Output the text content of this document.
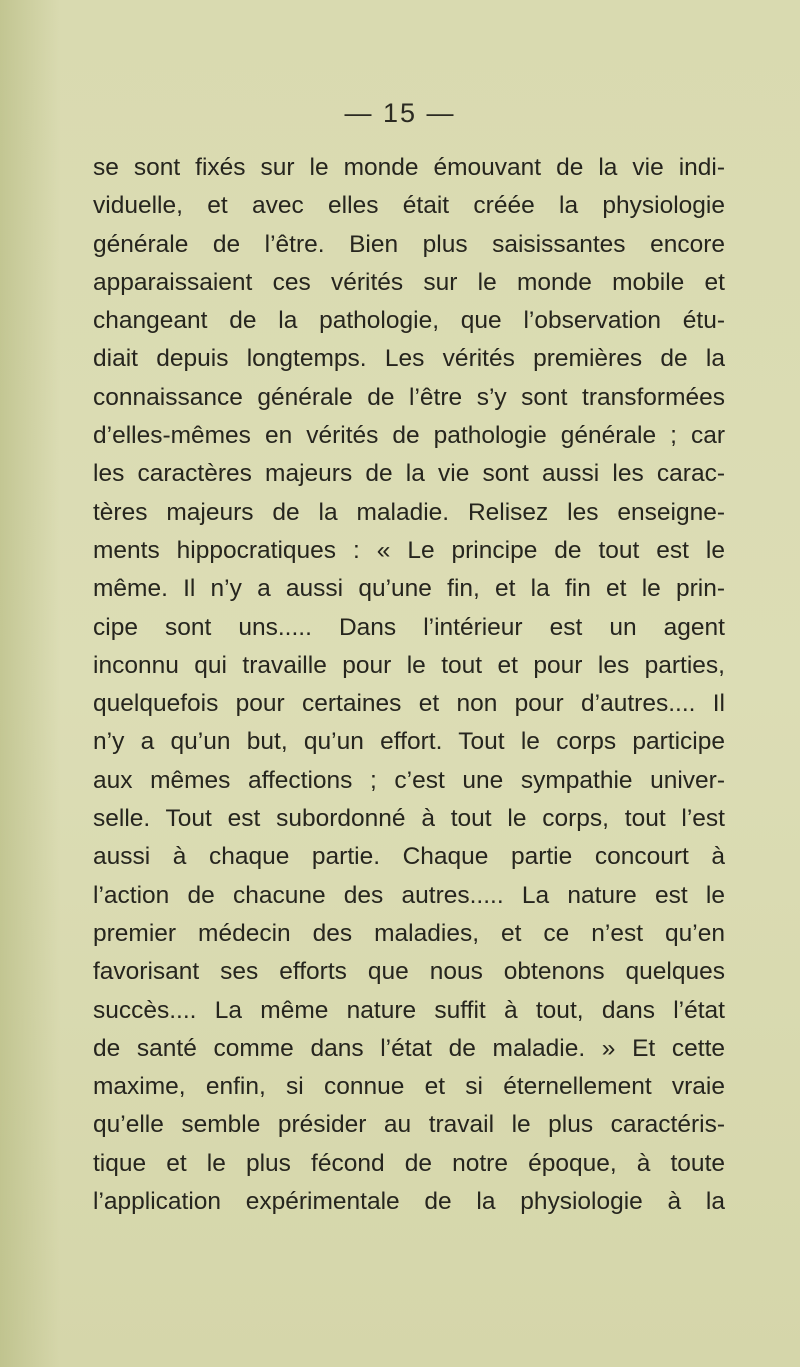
— 15 —
se sont fixés sur le monde émouvant de la vie indi-
viduelle, et avec elles était créée la physiologie
générale de l’être. Bien plus saisissantes encore
apparaissaient ces vérités sur le monde mobile et
changeant de la pathologie, que l’observation étu-
diait depuis longtemps. Les vérités premières de la
connaissance générale de l’être s’y sont transformées
d’elles-mêmes en vérités de pathologie générale ; car
les caractères majeurs de la vie sont aussi les carac-
tères majeurs de la maladie. Relisez les enseigne-
ments hippocratiques : « Le principe de tout est le
même. Il n’y a aussi qu’une fin, et la fin et le prin-
cipe sont uns..... Dans l’intérieur est un agent
inconnu qui travaille pour le tout et pour les parties,
quelquefois pour certaines et non pour d’autres.... Il
n’y a qu’un but, qu’un effort. Tout le corps participe
aux mêmes affections ; c’est une sympathie univer-
selle. Tout est subordonné à tout le corps, tout l’est
aussi à chaque partie. Chaque partie concourt à
l’action de chacune des autres..... La nature est le
premier médecin des maladies, et ce n’est qu’en
favorisant ses efforts que nous obtenons quelques
succès.... La même nature suffit à tout, dans l’état
de santé comme dans l’état de maladie. » Et cette
maxime, enfin, si connue et si éternellement vraie
qu’elle semble présider au travail le plus caractéris-
tique et le plus fécond de notre époque, à toute
l’application expérimentale de la physiologie à la
